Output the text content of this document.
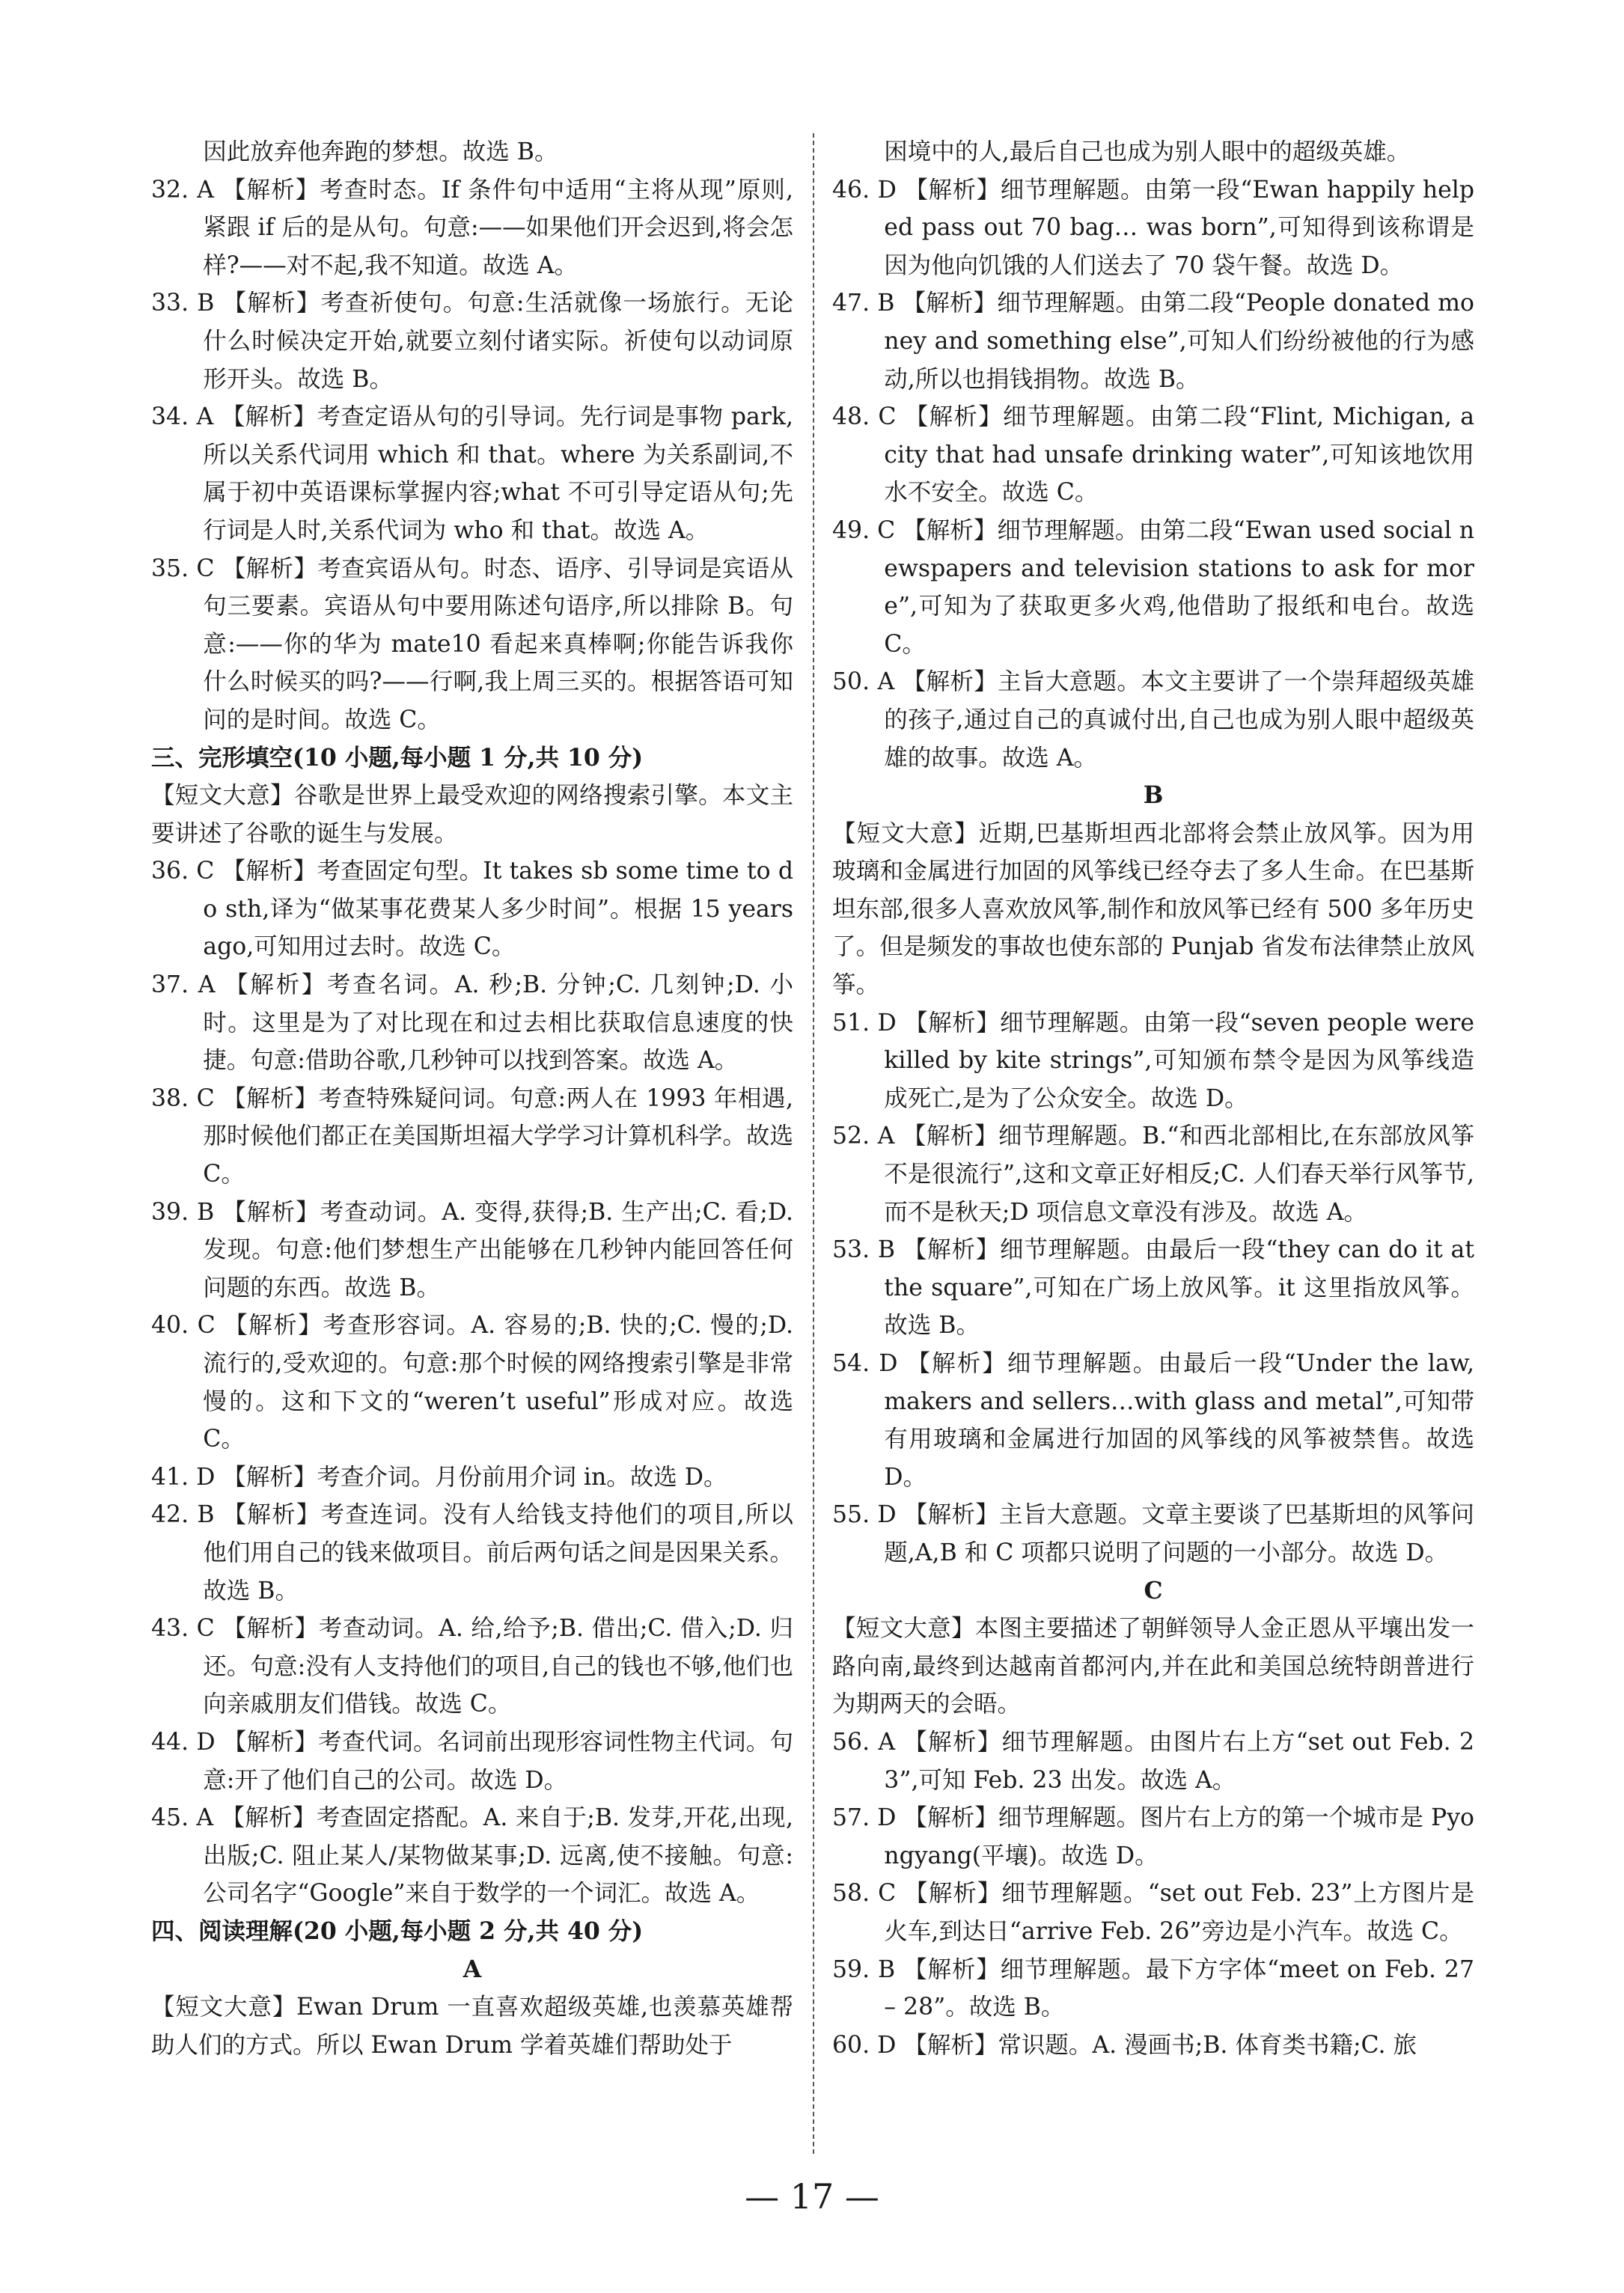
因此放弃他奔跑的梦想。故选 B。

32. A 【解析】考查时态。If 条件句中适用“主将从现”原则,紧跟 if 后的是从句。句意:——如果他们开会迟到,将会怎样?——对不起,我不知道。故选 A。

33. B 【解析】考查祈使句。句意:生活就像一场旅行。无论什么时候决定开始,就要立刻付诸实际。祈使句以动词原形开头。故选 B。

34. A 【解析】考查定语从句的引导词。先行词是事物 park,所以关系代词用 which 和 that。where 为关系副词,不属于初中英语课标掌握内容;what 不可引导定语从句;先行词是人时,关系代词为 who 和 that。故选 A。

35. C 【解析】考查宾语从句。时态、语序、引导词是宾语从句三要素。宾语从句中要用陈述句语序,所以排除 B。句意:——你的华为 mate10 看起来真棒啊;你能告诉我你什么时候买的吗?——行啊,我上周三买的。根据答语可知问的是时间。故选 C。

三、完形填空(10 小题,每小题 1 分,共 10 分)

【短文大意】谷歌是世界上最受欢迎的网络搜索引擎。本文主要讲述了谷歌的诞生与发展。

36. C 【解析】考查固定句型。It takes sb some time to do sth,译为“做某事花费某人多少时间”。根据 15 years ago,可知用过去时。故选 C。

37. A 【解析】考查名词。A. 秒;B. 分钟;C. 几刻钟;D. 小时。这里是为了对比现在和过去相比获取信息速度的快捷。句意:借助谷歌,几秒钟可以找到答案。故选 A。

38. C 【解析】考查特殊疑问词。句意:两人在 1993 年相遇,那时候他们都正在美国斯坦福大学学习计算机科学。故选 C。

39. B 【解析】考查动词。A. 变得,获得;B. 生产出;C. 看;D. 发现。句意:他们梦想生产出能够在几秒钟内能回答任何问题的东西。故选 B。

40. C 【解析】考查形容词。A. 容易的;B. 快的;C. 慢的;D. 流行的,受欢迎的。句意:那个时候的网络搜索引擎是非常慢的。这和下文的“weren’t useful”形成对应。故选 C。

41. D 【解析】考查介词。月份前用介词 in。故选 D。

42. B 【解析】考查连词。没有人给钱支持他们的项目,所以他们用自己的钱来做项目。前后两句话之间是因果关系。故选 B。

43. C 【解析】考查动词。A. 给,给予;B. 借出;C. 借入;D. 归还。句意:没有人支持他们的项目,自己的钱也不够,他们也向亲戚朋友们借钱。故选 C。

44. D 【解析】考查代词。名词前出现形容词性物主代词。句意:开了他们自己的公司。故选 D。

45. A 【解析】考查固定搭配。A. 来自于;B. 发芽,开花,出现,出版;C. 阻止某人/某物做某事;D. 远离,使不接触。句意:公司名字“Google”来自于数学的一个词汇。故选 A。

四、阅读理解(20 小题,每小题 2 分,共 40 分)

A

【短文大意】Ewan Drum 一直喜欢超级英雄,也羡慕英雄帮助人们的方式。所以 Ewan Drum 学着英雄们帮助处于

困境中的人,最后自己也成为别人眼中的超级英雄。

46. D 【解析】细节理解题。由第一段“Ewan happily helped pass out 70 bag… was born”,可知得到该称谓是因为他向饥饿的人们送去了 70 袋午餐。故选 D。

47. B 【解析】细节理解题。由第二段“People donated money and something else”,可知人们纷纷被他的行为感动,所以也捐钱捐物。故选 B。

48. C 【解析】细节理解题。由第二段“Flint, Michigan, a city that had unsafe drinking water”,可知该地饮用水不安全。故选 C。

49. C 【解析】细节理解题。由第二段“Ewan used social newspapers and television stations to ask for more”,可知为了获取更多火鸡,他借助了报纸和电台。故选 C。

50. A 【解析】主旨大意题。本文主要讲了一个崇拜超级英雄的孩子,通过自己的真诚付出,自己也成为别人眼中超级英雄的故事。故选 A。

B

【短文大意】近期,巴基斯坦西北部将会禁止放风筝。因为用玻璃和金属进行加固的风筝线已经夺去了多人生命。在巴基斯坦东部,很多人喜欢放风筝,制作和放风筝已经有 500 多年历史了。但是频发的事故也使东部的 Punjab 省发布法律禁止放风筝。

51. D 【解析】细节理解题。由第一段“seven people were killed by kite strings”,可知颁布禁令是因为风筝线造成死亡,是为了公众安全。故选 D。

52. A 【解析】细节理解题。B.“和西北部相比,在东部放风筝不是很流行”,这和文章正好相反;C. 人们春天举行风筝节,而不是秋天;D 项信息文章没有涉及。故选 A。

53. B 【解析】细节理解题。由最后一段“they can do it at the square”,可知在广场上放风筝。it 这里指放风筝。故选 B。

54. D 【解析】细节理解题。由最后一段“Under the law, makers and sellers…with glass and metal”,可知带有用玻璃和金属进行加固的风筝线的风筝被禁售。故选 D。

55. D 【解析】主旨大意题。文章主要谈了巴基斯坦的风筝问题,A,B 和 C 项都只说明了问题的一小部分。故选 D。

C

【短文大意】本图主要描述了朝鲜领导人金正恩从平壤出发一路向南,最终到达越南首都河内,并在此和美国总统特朗普进行为期两天的会晤。

56. A 【解析】细节理解题。由图片右上方“set out Feb. 23”,可知 Feb. 23 出发。故选 A。

57. D 【解析】细节理解题。图片右上方的第一个城市是 Pyongyang(平壤)。故选 D。

58. C 【解析】细节理解题。“set out Feb. 23”上方图片是火车,到达日“arrive Feb. 26”旁边是小汽车。故选 C。

59. B 【解析】细节理解题。最下方字体“meet on Feb. 27 – 28”。故选 B。

60. D 【解析】常识题。A. 漫画书;B. 体育类书籍;C. 旅

— 17 —
